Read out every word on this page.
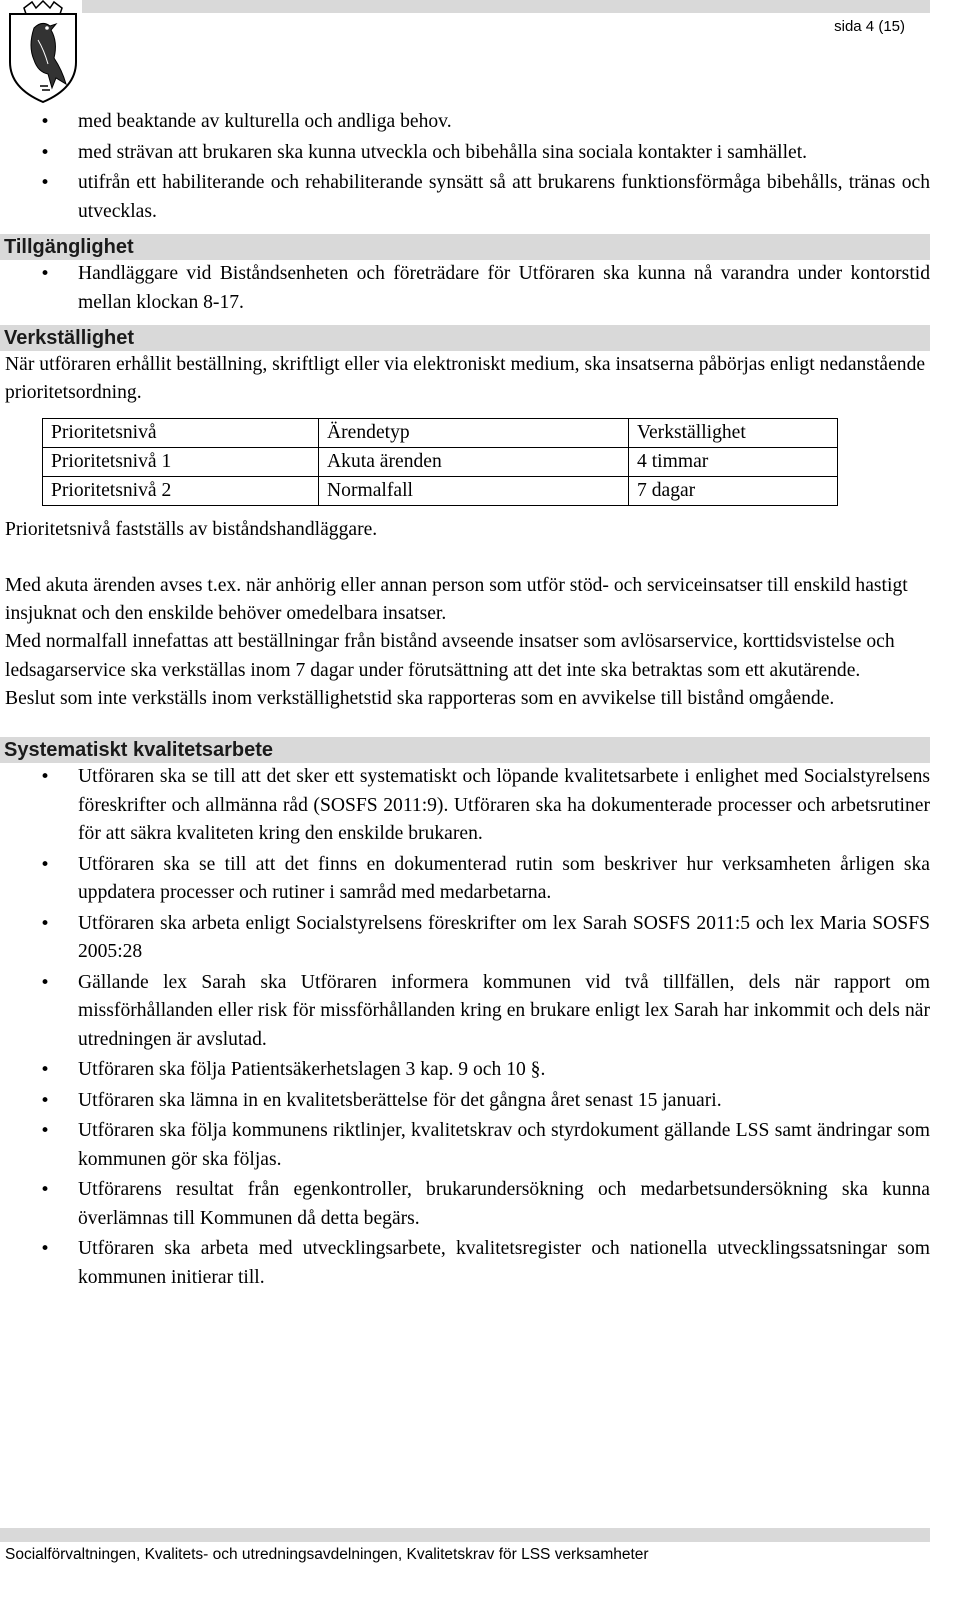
sida 4 (15)
• med beaktande av kulturella och andliga behov.
• med strävan att brukaren ska kunna utveckla och bibehålla sina sociala kontakter i samhället.
• utifrån ett habiliterande och rehabiliterande synsätt så att brukarens funktionsförmåga bibehålls, tränas och utvecklas.
Tillgänglighet
• Handläggare vid Biståndsenheten och företrädare för Utföraren ska kunna nå varandra under kontorstid mellan klockan 8-17.
Verkställighet

När utföraren erhållit beställning, skriftligt eller via elektroniskt medium, ska insatserna påbörjas enligt nedanstående prioritetsordning.

Prioritetsnivå	Ärendetyp	Verkställighet
Prioritetsnivå 1	Akuta ärenden	4 timmar
Prioritetsnivå 2	Normalfall	7 dagar

Prioritetsnivå fastställs av biståndshandläggare.

Med akuta ärenden avses t.ex. när anhörig eller annan person som utför stöd- och serviceinsatser till enskild hastigt insjuknat och den enskilde behöver omedelbara insatser.

Med normalfall innefattas att beställningar från bistånd avseende insatser som avlösarservice, korttidsvistelse och ledsagarservice ska verkställas inom 7 dagar under förutsättning att det inte ska betraktas som ett akutärende.

Beslut som inte verkställs inom verkställighetstid ska rapporteras som en avvikelse till bistånd omgående.

Systematiskt kvalitetsarbete
• Utföraren ska se till att det sker ett systematiskt och löpande kvalitetsarbete i enlighet med Socialstyrelsens föreskrifter och allmänna råd (SOSFS 2011:9). Utföraren ska ha dokumenterade processer och arbetsrutiner för att säkra kvaliteten kring den enskilde brukaren.
• Utföraren ska se till att det finns en dokumenterad rutin som beskriver hur verksamheten årligen ska uppdatera processer och rutiner i samråd med medarbetarna.
• Utföraren ska arbeta enligt Socialstyrelsens föreskrifter om lex Sarah SOSFS 2011:5 och lex Maria SOSFS 2005:28
• Gällande lex Sarah ska Utföraren informera kommunen vid två tillfällen, dels när rapport om missförhållanden eller risk för missförhållanden kring en brukare enligt lex Sarah har inkommit och dels när utredningen är avslutad.
• Utföraren ska följa Patientsäkerhetslagen 3 kap. 9 och 10 §.
• Utföraren ska lämna in en kvalitetsberättelse för det gångna året senast 15 januari.
• Utföraren ska följa kommunens riktlinjer, kvalitetskrav och styrdokument gällande LSS samt ändringar som kommunen gör ska följas.
• Utförarens resultat från egenkontroller, brukarundersökning och medarbetsundersökning ska kunna överlämnas till Kommunen då detta begärs.
• Utföraren ska arbeta med utvecklingsarbete, kvalitetsregister och nationella utvecklingssatsningar som kommunen initierar till.
Socialförvaltningen, Kvalitets- och utredningsavdelningen, Kvalitetskrav för LSS verksamheter
